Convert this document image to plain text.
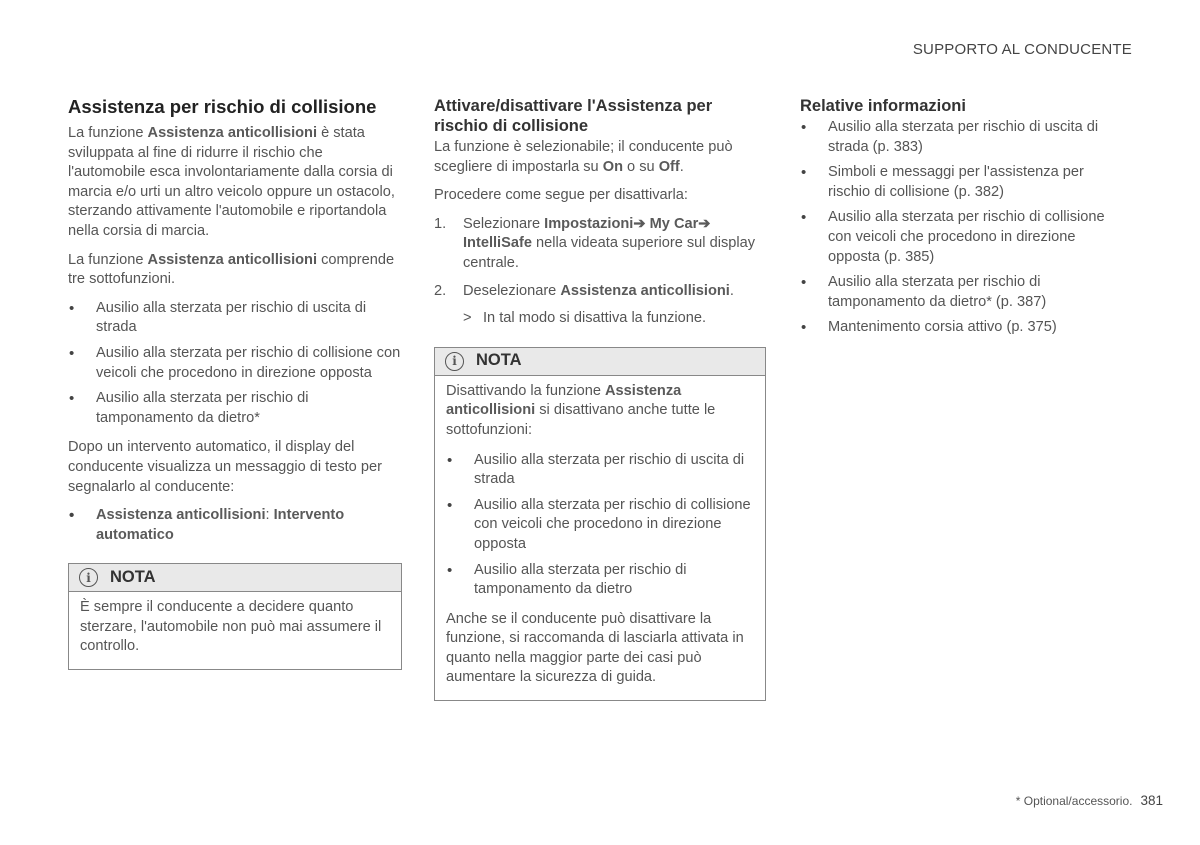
SUPPORTO AL CONDUCENTE
Assistenza per rischio di collisione

La funzione Assistenza anticollisioni è stata sviluppata al fine di ridurre il rischio che l'automobile esca involontariamente dalla corsia di marcia e/o urti un altro veicolo oppure un ostacolo, sterzando attivamente l'automobile e riportandola nella corsia di marcia.

La funzione Assistenza anticollisioni comprende tre sottofunzioni.

• Ausilio alla sterzata per rischio di uscita di strada
• Ausilio alla sterzata per rischio di collisione con veicoli che procedono in direzione opposta
• Ausilio alla sterzata per rischio di tamponamento da dietro*

Dopo un intervento automatico, il display del conducente visualizza un messaggio di testo per segnalarlo al conducente:

• Assistenza anticollisioni: Intervento automatico
i	NOTA

È sempre il conducente a decidere quanto sterzare, l'automobile non può mai assumere il controllo.

Attivare/disattivare l'Assistenza per rischio di collisione

La funzione è selezionabile; il conducente può scegliere di impostarla su On o su Off.

Procedere come segue per disattivarla:

1. Selezionare Impostazioni➔ My Car➔ IntelliSafe nella videata superiore sul display centrale.
2. Deselezionare Assistenza anticollisioni.
> In tal modo si disattiva la funzione.
i	NOTA

Disattivando la funzione Assistenza anticollisioni si disattivano anche tutte le sottofunzioni:

• Ausilio alla sterzata per rischio di uscita di strada
• Ausilio alla sterzata per rischio di collisione con veicoli che procedono in direzione opposta
• Ausilio alla sterzata per rischio di tamponamento da dietro

Anche se il conducente può disattivare la funzione, si raccomanda di lasciarla attivata in quanto nella maggior parte dei casi può aumentare la sicurezza di guida.

Relative informazioni
• Ausilio alla sterzata per rischio di uscita di strada (p. 383)
• Simboli e messaggi per l'assistenza per rischio di collisione (p. 382)
• Ausilio alla sterzata per rischio di collisione con veicoli che procedono in direzione opposta (p. 385)
• Ausilio alla sterzata per rischio di tamponamento da dietro* (p. 387)
• Mantenimento corsia attivo (p. 375)
* Optional/accessorio. 381
